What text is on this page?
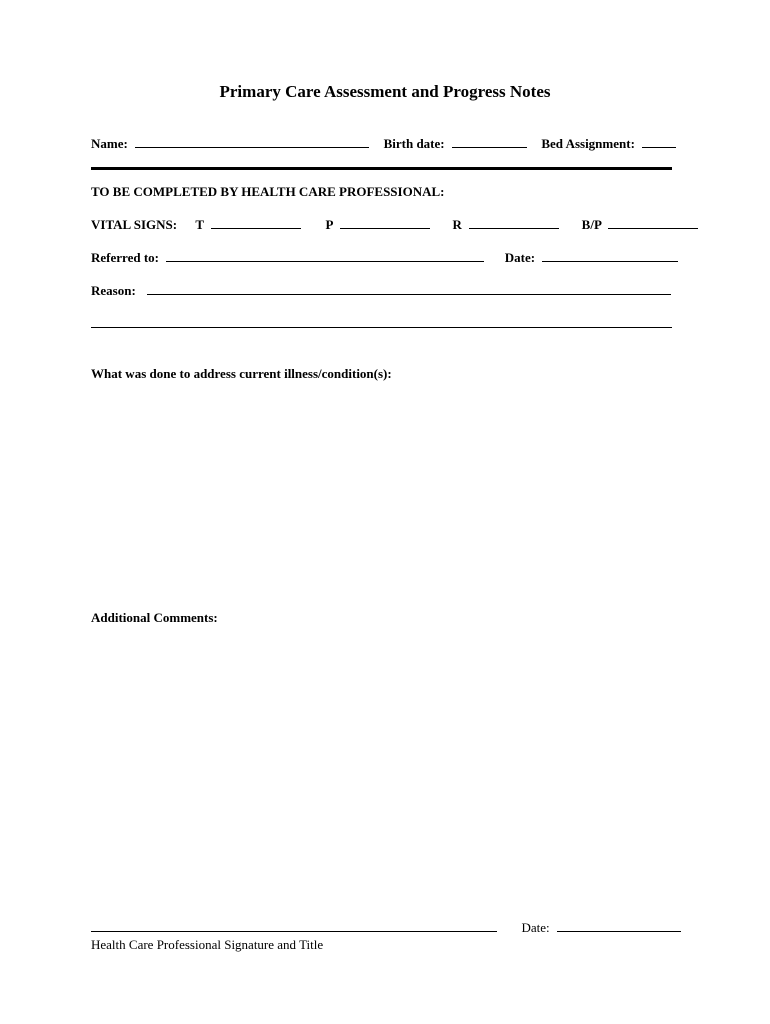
Primary Care Assessment and Progress Notes
Name:	Birth date:	Bed Assignment:
TO BE COMPLETED BY HEALTH CARE PROFESSIONAL:
VITAL SIGNS: T	P	R	B/P
Referred to:	Date:
Reason:
What was done to address current illness/condition(s):
Additional Comments:
Date:
Health Care Professional Signature and Title
